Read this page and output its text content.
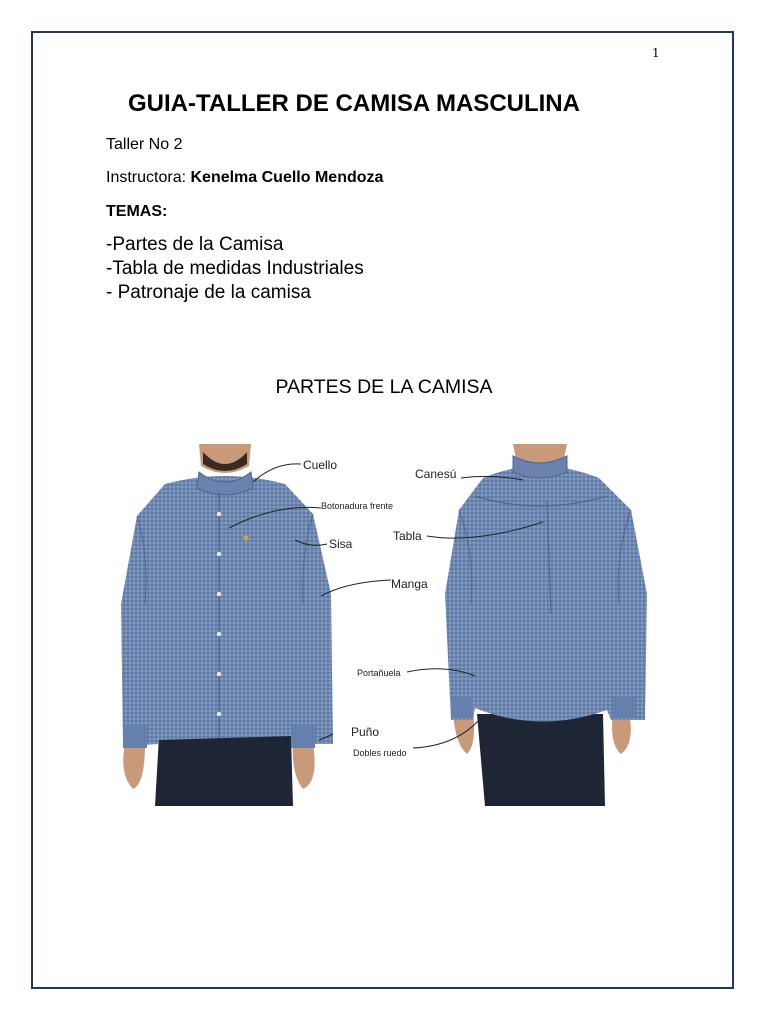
1
GUIA-TALLER DE CAMISA MASCULINA
Taller No 2
Instructora: Kenelma Cuello Mendoza
TEMAS:
-Partes de la Camisa
-Tabla de medidas Industriales
- Patronaje de la camisa
PARTES DE LA CAMISA
Cuello
Botonadura frente
Sisa
Manga
Puño
Canesú
Tabla
Portañuela
Dobles ruedo
